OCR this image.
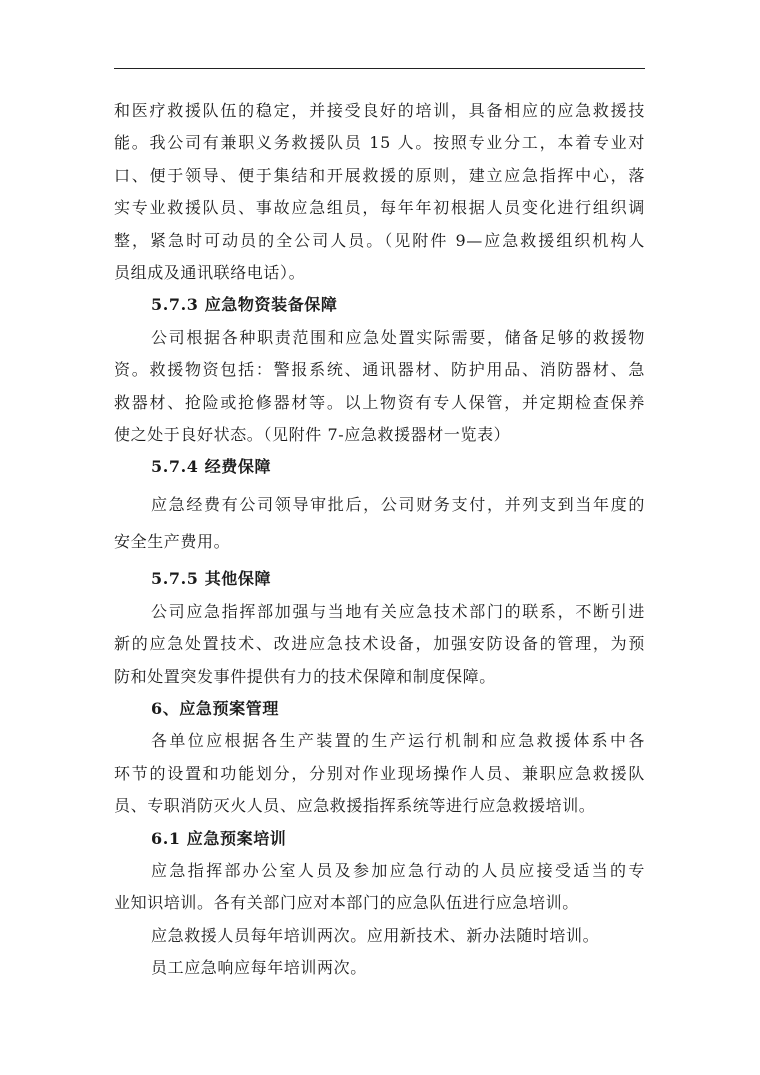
和医疗救援队伍的稳定，并接受良好的培训，具备相应的应急救援技
能。我公司有兼职义务救援队员 15 人。按照专业分工，本着专业对
口、便于领导、便于集结和开展救援的原则，建立应急指挥中心，落
实专业救援队员、事故应急组员，每年年初根据人员变化进行组织调
整，紧急时可动员的全公司人员。（见附件 9—应急救援组织机构人
员组成及通讯联络电话）。
5.7.3 应急物资装备保障
公司根据各种职责范围和应急处置实际需要，储备足够的救援物
资。救援物资包括：警报系统、通讯器材、防护用品、消防器材、急
救器材、抢险或抢修器材等。以上物资有专人保管，并定期检查保养
使之处于良好状态。（见附件 7-应急救援器材一览表）
5.7.4 经费保障
应急经费有公司领导审批后，公司财务支付，并列支到当年度的
安全生产费用。
5.7.5 其他保障
公司应急指挥部加强与当地有关应急技术部门的联系，不断引进
新的应急处置技术、改进应急技术设备，加强安防设备的管理，为预
防和处置突发事件提供有力的技术保障和制度保障。
6、应急预案管理
各单位应根据各生产装置的生产运行机制和应急救援体系中各
环节的设置和功能划分，分别对作业现场操作人员、兼职应急救援队
员、专职消防灭火人员、应急救援指挥系统等进行应急救援培训。
6.1 应急预案培训
应急指挥部办公室人员及参加应急行动的人员应接受适当的专
业知识培训。各有关部门应对本部门的应急队伍进行应急培训。
应急救援人员每年培训两次。应用新技术、新办法随时培训。
员工应急响应每年培训两次。
